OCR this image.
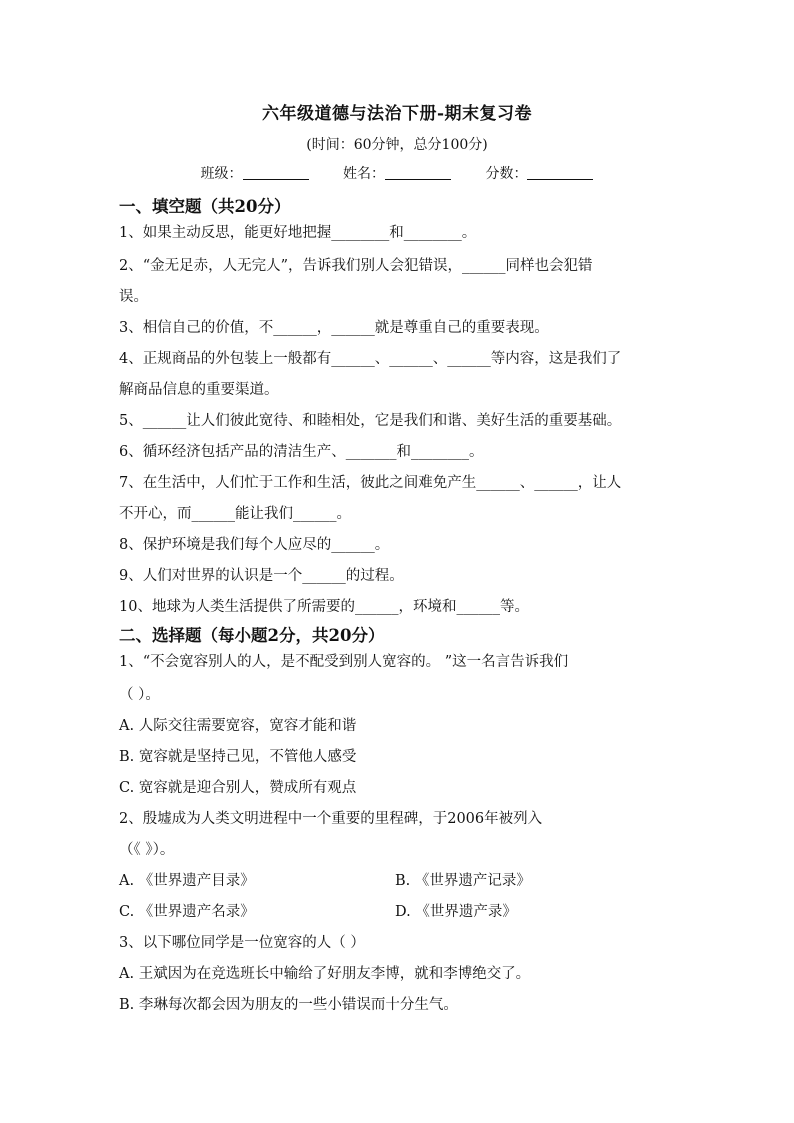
六年级道德与法治下册-期末复习卷
(时间：60分钟，总分100分)
班级：	姓名：	分数：
一、填空题（共20分）
1、如果主动反思，能更好地把握________和________。
2、“金无足赤，人无完人”，告诉我们别人会犯错误，______同样也会犯错
误。
3、相信自己的价值，不______，______就是尊重自己的重要表现。
4、正规商品的外包装上一般都有______、______、______等内容，这是我们了
解商品信息的重要渠道。
5、______让人们彼此宽待、和睦相处，它是我们和谐、美好生活的重要基础。
6、循环经济包括产品的清洁生产、_______和________。
7、在生活中，人们忙于工作和生活，彼此之间难免产生______、______，让人
不开心，而______能让我们______。
8、保护环境是我们每个人应尽的______。
9、人们对世界的认识是一个______的过程。
10、地球为人类生活提供了所需要的______，环境和______等。
二、选择题（每小题2分，共20分）
1、“不会宽容别人的人，是不配受到别人宽容的。 ”这一名言告诉我们
（ ）。
A. 人际交往需要宽容，宽容才能和谐
B. 宽容就是坚持己见，不管他人感受
C. 宽容就是迎合别人，赞成所有观点
2、殷墟成为人类文明进程中一个重要的里程碑，于2006年被列入
（《 》）。
A. 《世界遗产目录》	B. 《世界遗产记录》
C. 《世界遗产名录》	D. 《世界遗产录》
3、以下哪位同学是一位宽容的人（ ）
A. 王斌因为在竞选班长中输给了好朋友李博，就和李博绝交了。
B. 李琳每次都会因为朋友的一些小错误而十分生气。
